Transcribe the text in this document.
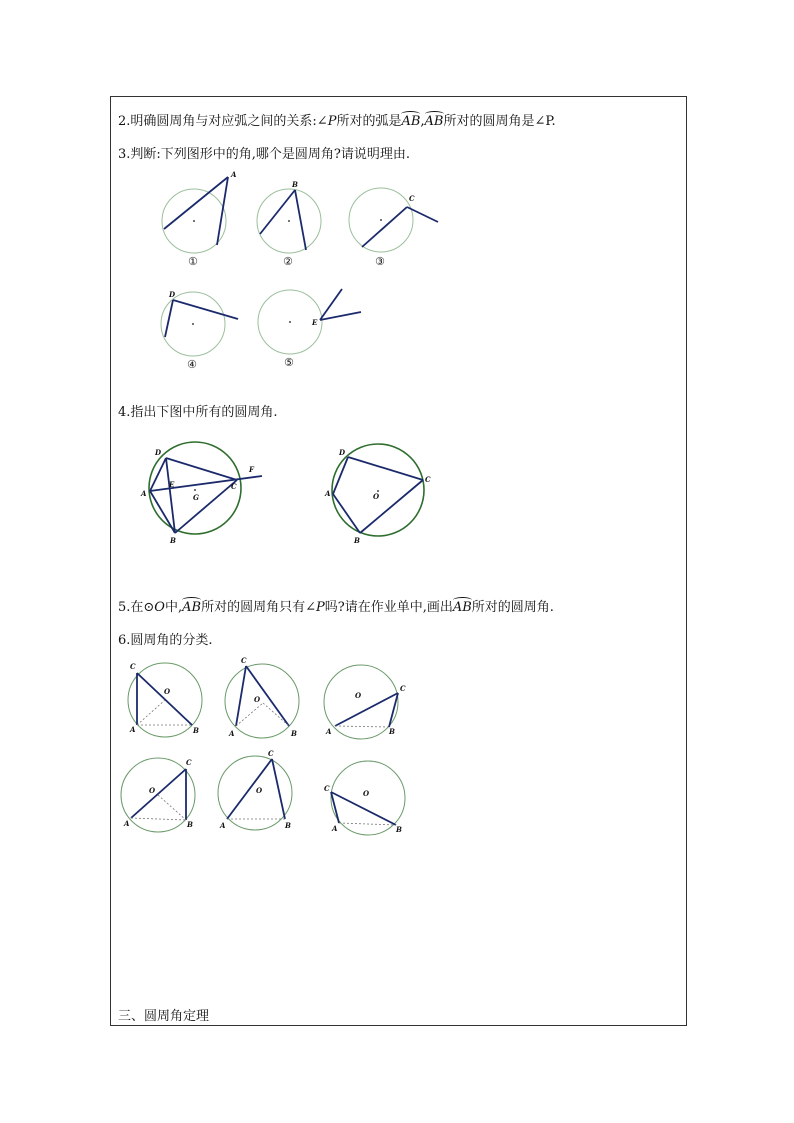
2.明确圆周角与对应弧之间的关系:∠P所对的弧是AB,AB所对的圆周角是∠P.
3.判断:下列图形中的角,哪个是圆周角?请说明理由.
A
①
B
②
C
③
D
④
E
⑤
4.指出下图中所有的圆周角.
D
F
A
E	C
G
B
D
C
A	O
B
5.在⊙O中,AB所对的圆周角只有∠P吗?请在作业单中,画出AB所对的圆周角.
6.圆周角的分类.
C
O
A	B
C
O
A	B
C
O
A	B
C
O
A	B
C
O
A	B
C
O
A	B
三、圆周角定理
